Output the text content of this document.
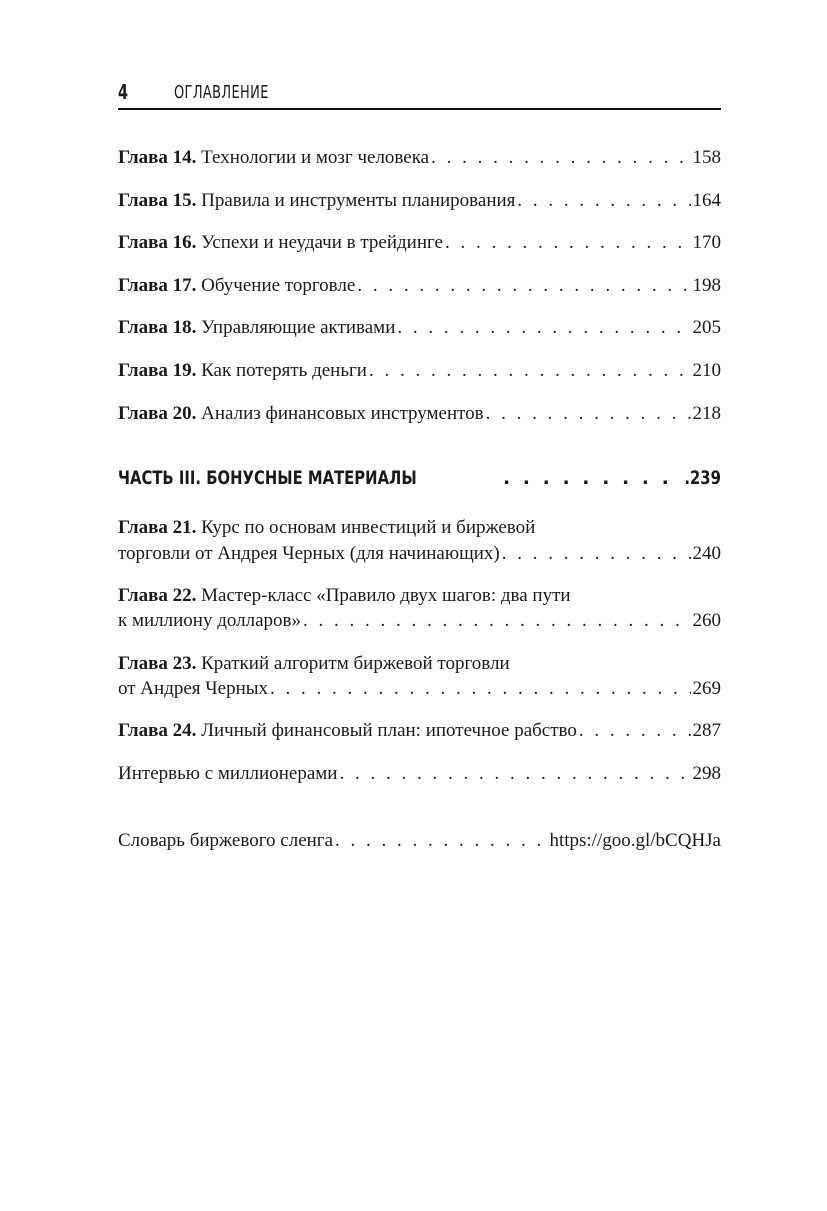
4	ОГЛАВЛЕНИЕ
Глава 14. Технологии и мозг человека . . .	158
Глава 15. Правила и инструменты планирования . . .	164
Глава 16. Успехи и неудачи в трейдинге . . .	170
Глава 17. Обучение торговле . . .	198
Глава 18. Управляющие активами . . .	205
Глава 19. Как потерять деньги . . .	210
Глава 20. Анализ финансовых инструментов . . .	218
ЧАСТЬ III. БОНУСНЫЕ МАТЕРИАЛЫ . . .	.239
Глава 21. Курс по основам инвестиций и биржевой
торговли от Андрея Черных (для начинающих) . . .	240
Глава 22. Мастер-класс «Правило двух шагов: два пути
к миллиону долларов» . . .	260
Глава 23. Краткий алгоритм биржевой торговли
от Андрея Черных . . .	269
Глава 24. Личный финансовый план: ипотечное рабство . . .	287
Интервью с миллионерами . . .	298
Словарь биржевого сленга . . .	https://goo.gl/bCQHJa
